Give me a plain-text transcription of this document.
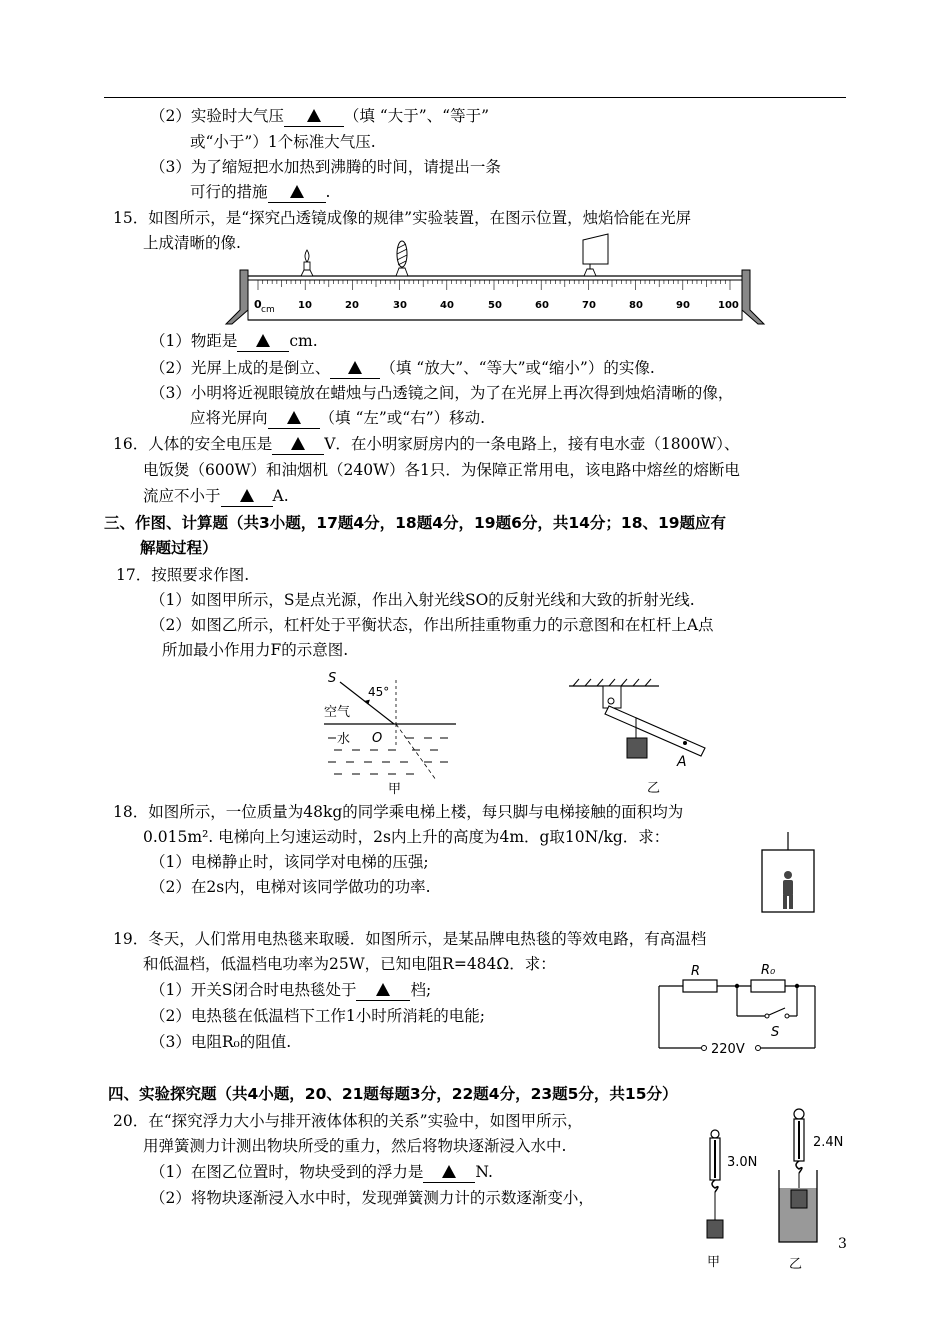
（2）实验时大气压	（填 “大于”、“等于”
或“小于”）1个标准大气压.
（3）为了缩短把水加热到沸腾的时间，请提出一条
可行的措施	.
15．如图所示，是“探究凸透镜成像的规律”实验装置，在图示位置，烛焰恰能在光屏
上成清晰的像.
0 cm 10	20	30	40	50	60	70	80	90	100
（1）物距是	cm.
（2）光屏上成的是倒立、	（填 “放大”、“等大”或“缩小”）的实像.
（3）小明将近视眼镜放在蜡烛与凸透镜之间，为了在光屏上再次得到烛焰清晰的像，
应将光屏向	（填 “左”或“右”）移动.
16．人体的安全电压是	V．在小明家厨房内的一条电路上，接有电水壶（1800W）、
电饭煲（600W）和油烟机（240W）各1只．为保障正常用电，该电路中熔丝的熔断电
流应不小于	A.
三、作图、计算题（共3小题，17题4分，18题4分，19题6分，共14分；18、19题应有
解题过程）
17．按照要求作图.
（1）如图甲所示，S是点光源，作出入射光线SO的反射光线和大致的折射光线.
（2）如图乙所示，杠杆处于平衡状态，作出所挂重物重力的示意图和在杠杆上A点
所加最小作用力F的示意图.
S
45°
空气
水 O
甲
A
乙
18．如图所示，一位质量为48kg的同学乘电梯上楼，每只脚与电梯接触的面积均为
0.015m². 电梯向上匀速运动时，2s内上升的高度为4m．g取10N/kg．求：
（1）电梯静止时，该同学对电梯的压强;
（2）在2s内，电梯对该同学做功的功率.
19．冬天，人们常用电热毯来取暖．如图所示，是某品牌电热毯的等效电路，有高温档
和低温档，低温档电功率为25W，已知电阻R=484Ω．求：
（1）开关S闭合时电热毯处于	档;
（2）电热毯在低温档下工作1小时所消耗的电能;
（3）电阻R₀的阻值.
R	R₀
S
220V
四、实验探究题（共4小题，20、21题每题3分，22题4分，23题5分，共15分）
20．在“探究浮力大小与排开液体体积的关系”实验中，如图甲所示，
用弹簧测力计测出物块所受的重力，然后将物块逐渐浸入水中.
（1）在图乙位置时，物块受到的浮力是	N.
（2）将物块逐渐浸入水中时，发现弹簧测力计的示数逐渐变小，
3.0N
甲
2.4N
乙
3
